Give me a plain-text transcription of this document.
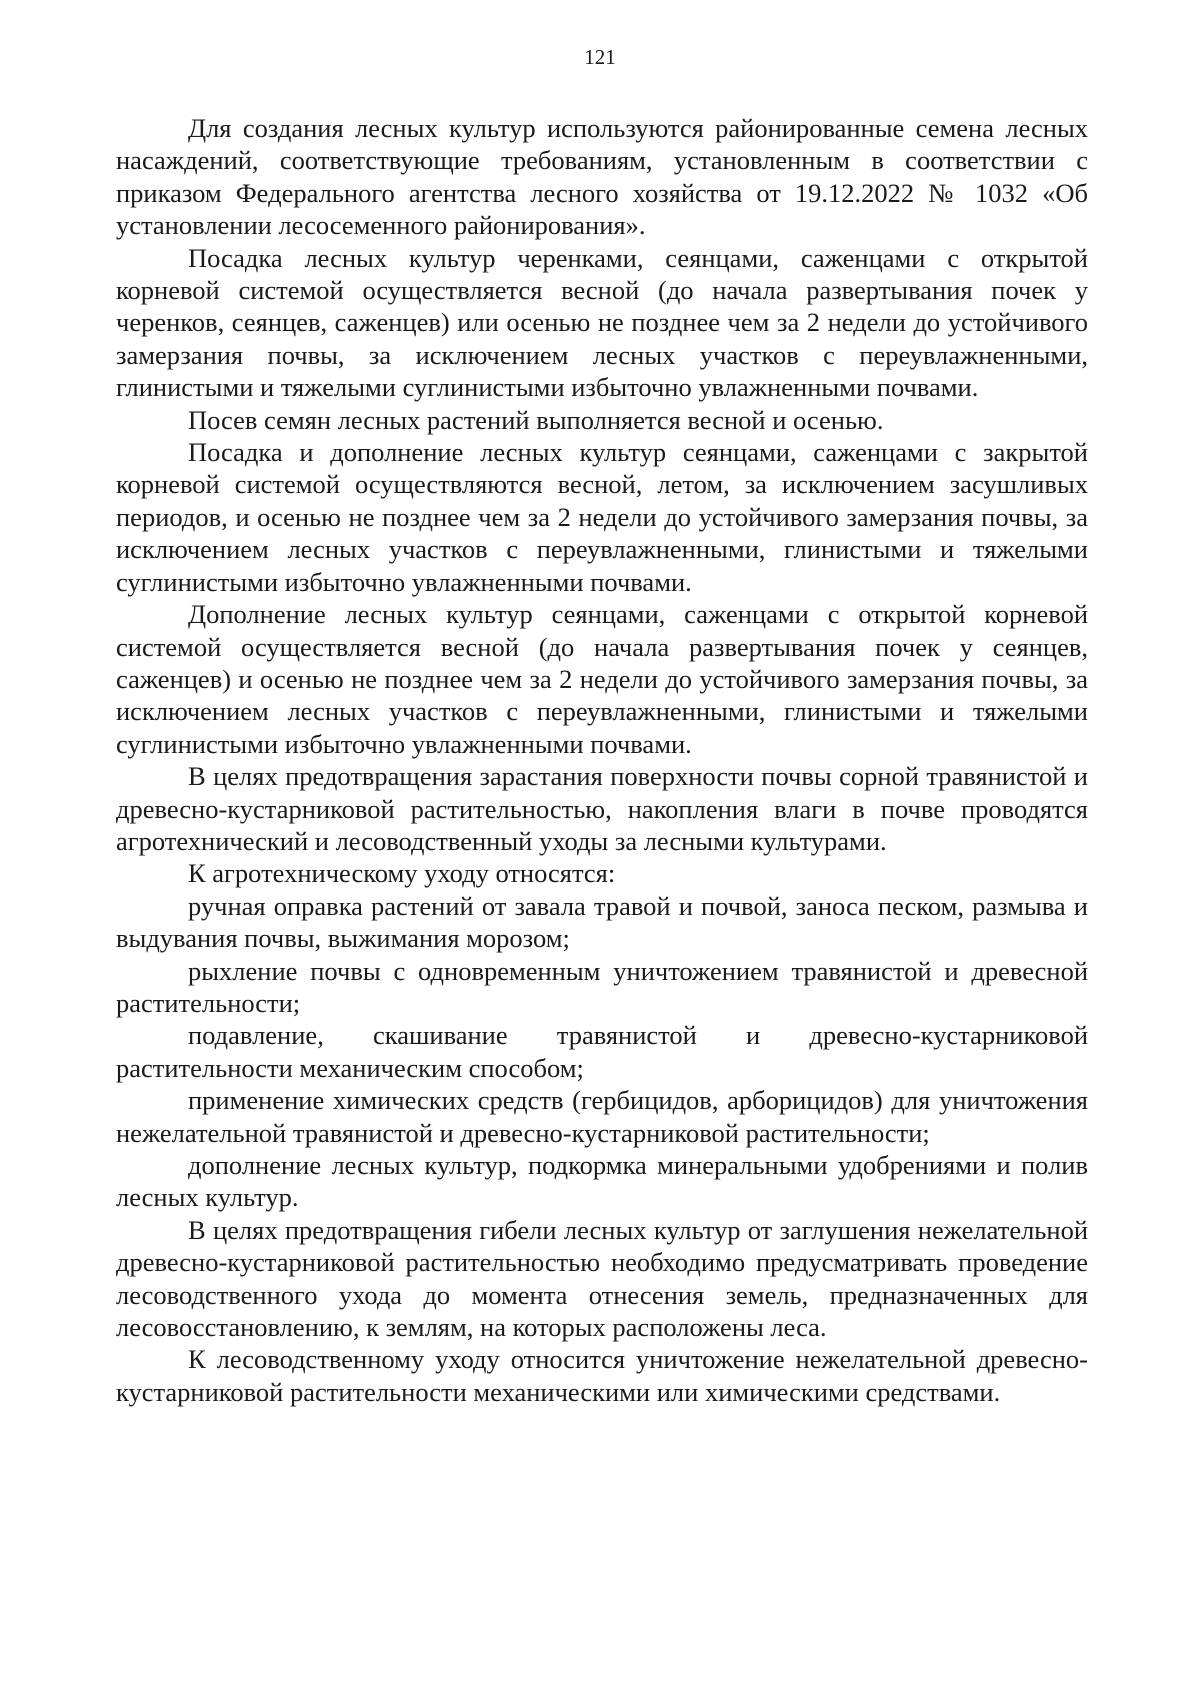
121

Для создания лесных культур используются районированные семена лесных насаждений, соответствующие требованиям, установленным в соответствии с приказом Федерального агентства лесного хозяйства от 19.12.2022 № 1032 «Об установлении лесосеменного районирования».

Посадка лесных культур черенками, сеянцами, саженцами с открытой корневой системой осуществляется весной (до начала развертывания почек у черенков, сеянцев, саженцев) или осенью не позднее чем за 2 недели до устойчивого замерзания почвы, за исключением лесных участков с переувлажненными, глинистыми и тяжелыми суглинистыми избыточно увлажненными почвами.

Посев семян лесных растений выполняется весной и осенью.

Посадка и дополнение лесных культур сеянцами, саженцами с закрытой корневой системой осуществляются весной, летом, за исключением засушливых периодов, и осенью не позднее чем за 2 недели до устойчивого замерзания почвы, за исключением лесных участков с переувлажненными, глинистыми и тяжелыми суглинистыми избыточно увлажненными почвами.

Дополнение лесных культур сеянцами, саженцами с открытой корневой системой осуществляется весной (до начала развертывания почек у сеянцев, саженцев) и осенью не позднее чем за 2 недели до устойчивого замерзания почвы, за исключением лесных участков с переувлажненными, глинистыми и тяжелыми суглинистыми избыточно увлажненными почвами.

В целях предотвращения зарастания поверхности почвы сорной травянистой и древесно-кустарниковой растительностью, накопления влаги в почве проводятся агротехнический и лесоводственный уходы за лесными культурами.

К агротехническому уходу относятся:

ручная оправка растений от завала травой и почвой, заноса песком, размыва и выдувания почвы, выжимания морозом;

рыхление почвы с одновременным уничтожением травянистой и древесной растительности;

подавление, скашивание травянистой и древесно-кустарниковой растительности механическим способом;

применение химических средств (гербицидов, арборицидов) для уничтожения нежелательной травянистой и древесно-кустарниковой растительности;

дополнение лесных культур, подкормка минеральными удобрениями и полив лесных культур.

В целях предотвращения гибели лесных культур от заглушения нежелательной древесно-кустарниковой растительностью необходимо предусматривать проведение лесоводственного ухода до момента отнесения земель, предназначенных для лесовосстановлению, к землям, на которых расположены леса.

К лесоводственному уходу относится уничтожение нежелательной древесно-кустарниковой растительности механическими или химическими средствами.
